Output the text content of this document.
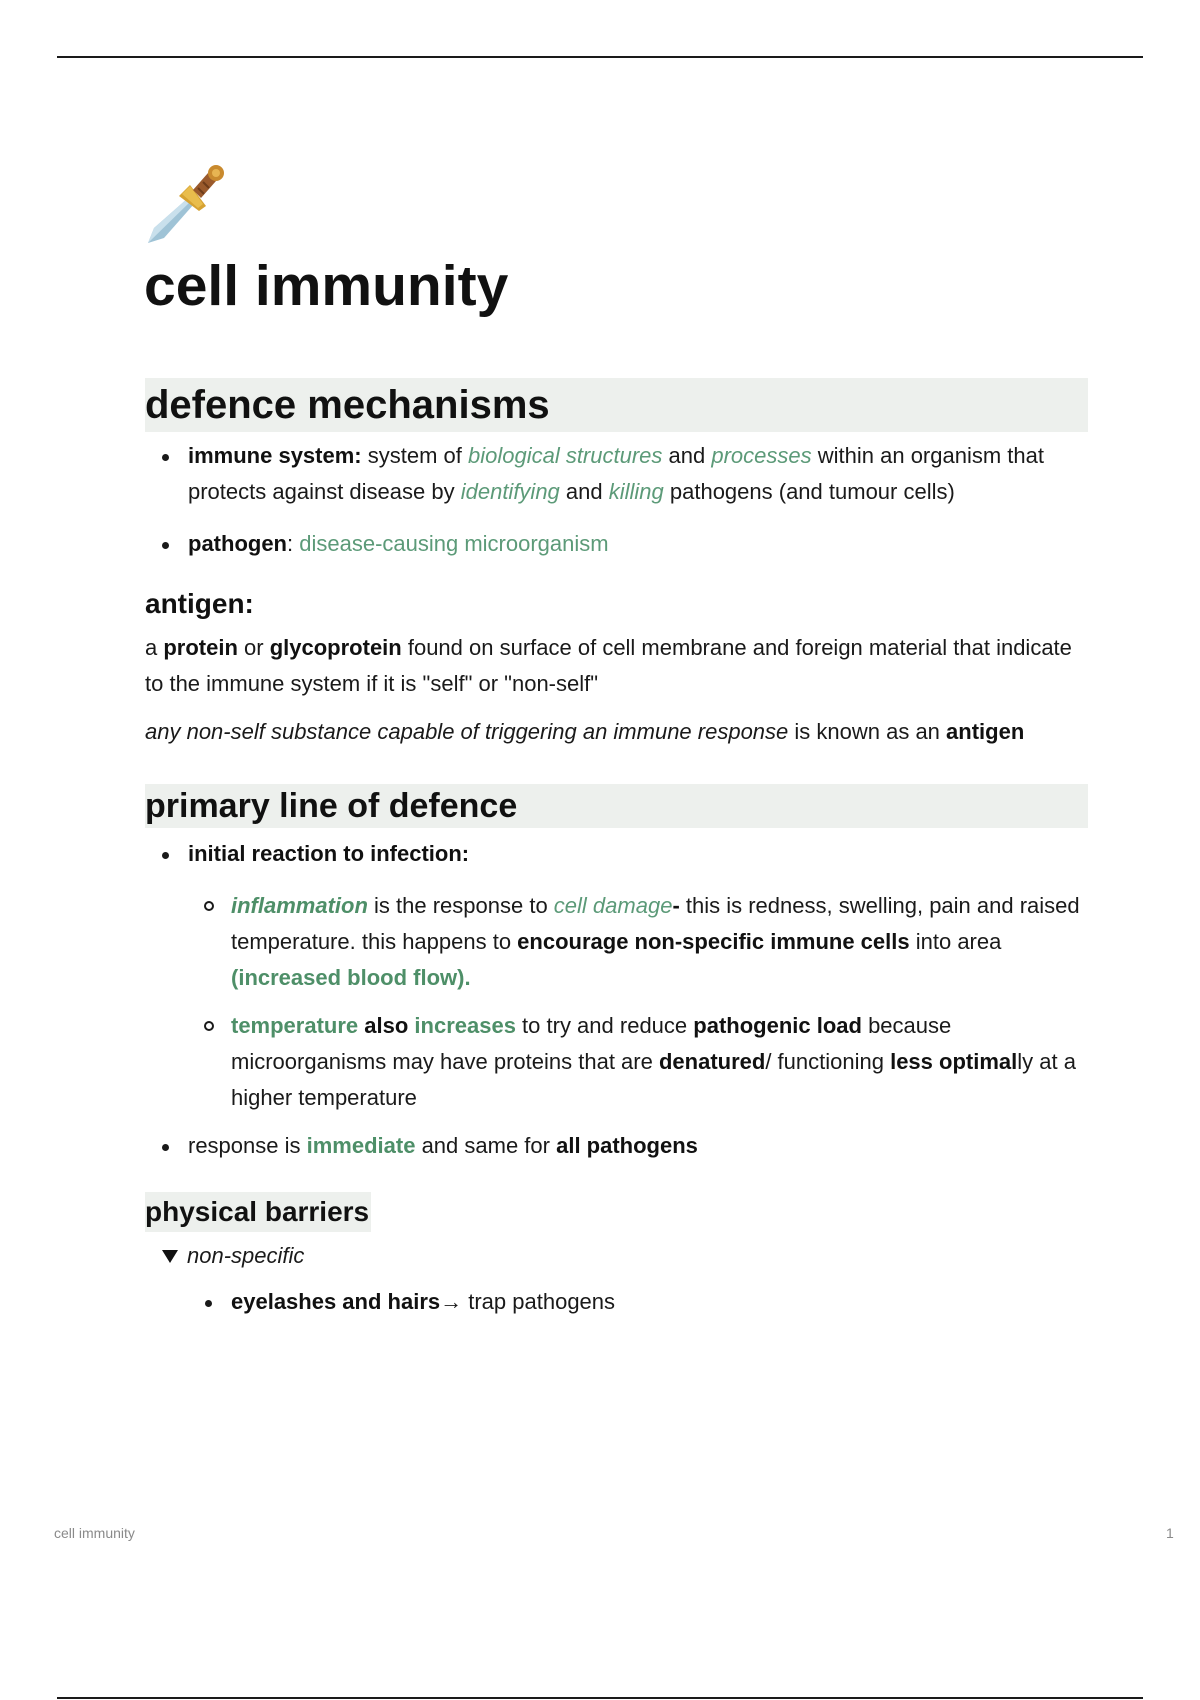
cell immunity
defence mechanisms
immune system: system of biological structures and processes within an organism that protects against disease by identifying and killing pathogens (and tumour cells)
pathogen: disease-causing microorganism
antigen:

a protein or glycoprotein found on surface of cell membrane and foreign material that indicate to the immune system if it is "self" or "non-self"

any non-self substance capable of triggering an immune response is known as an antigen

primary line of defence
initial reaction to infection:
inflammation is the response to cell damage- this is redness, swelling, pain and raised temperature. this happens to encourage non-specific immune cells into area (increased blood flow).
temperature also increases to try and reduce pathogenic load because microorganisms may have proteins that are denatured/ functioning less optimally at a higher temperature
response is immediate and same for all pathogens
physical barriers
non-specific
eyelashes and hairs→ trap pathogens
cell immunity	1
